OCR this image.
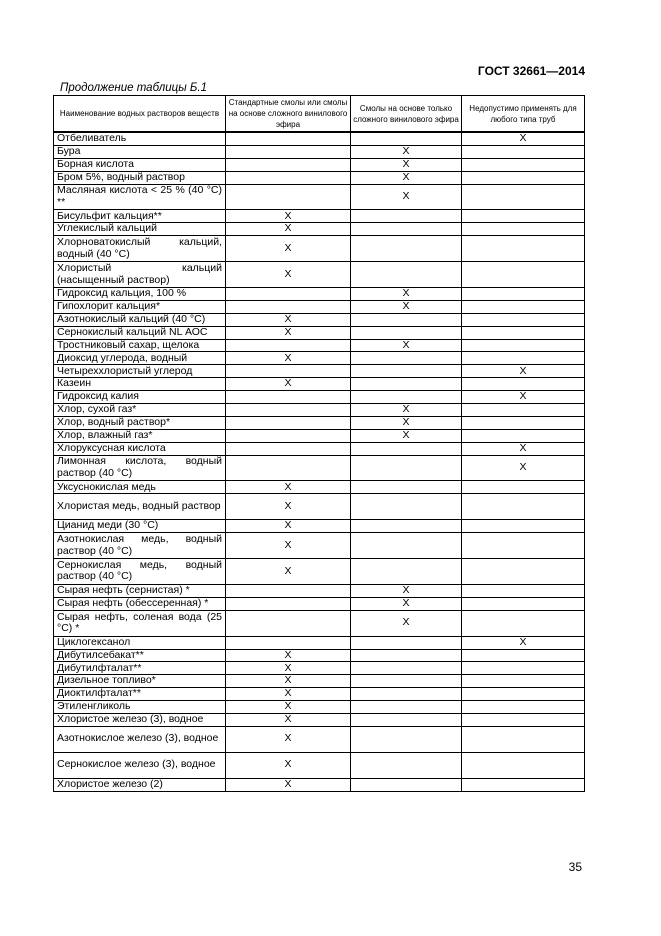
ГОСТ 32661—2014
Продолжение таблицы Б.1
Наименование водных растворов веществ	Стандартные смолы или смолы на основе сложного винилового эфира	Смолы на основе только сложного винилового эфира	Недопустимо применять для любого типа труб
Отбеливатель			X
Бура		X	
Борная кислота		X	
Бром 5%, водный раствор		X	
Масляная кислота < 25 % (40 °С) **		X	
Бисульфит кальция**	X		
Углекислый кальций	X		
Хлорноватокислый кальций, водный (40 °С)	X		
Хлористый кальций (насыщенный раствор)	X		
Гидроксид кальция, 100 %		X	
Гипохлорит кальция*		X	
Азотнокислый кальций (40 °С)	X		
Сернокислый кальций NL АОС	X		
Тростниковый сахар, щелока		X	
Диоксид углерода, водный	X		
Четыреххлористый углерод			X
Казеин	X		
Гидроксид калия			X
Хлор, сухой газ*		X	
Хлор, водный раствор*		X	
Хлор, влажный газ*		X	
Хлоруксусная кислота			X
Лимонная кислота, водный раствор (40 °С)			X
Уксуснокислая медь	X		
Хлористая медь, водный раствор	X		
Цианид меди (30 °С)	X		
Азотнокислая медь, водный раствор (40 °С)	X		
Сернокислая медь, водный раствор (40 °С)	X		
Сырая нефть (сернистая) *		X	
Сырая нефть (обессеренная) *		X	
Сырая нефть, соленая вода (25 °С) *		X	
Циклогексанол			X
Дибутилсебакат**	X		
Дибутилфталат**	X		
Дизельное топливо*	X		
Диоктилфталат**	X		
Этиленгликоль	X		
Хлористое железо (3), водное	X		
Азотнокислое железо (3), водное	X		
Сернокислое железо (3), водное	X		
Хлористое железо (2)	X		
35
